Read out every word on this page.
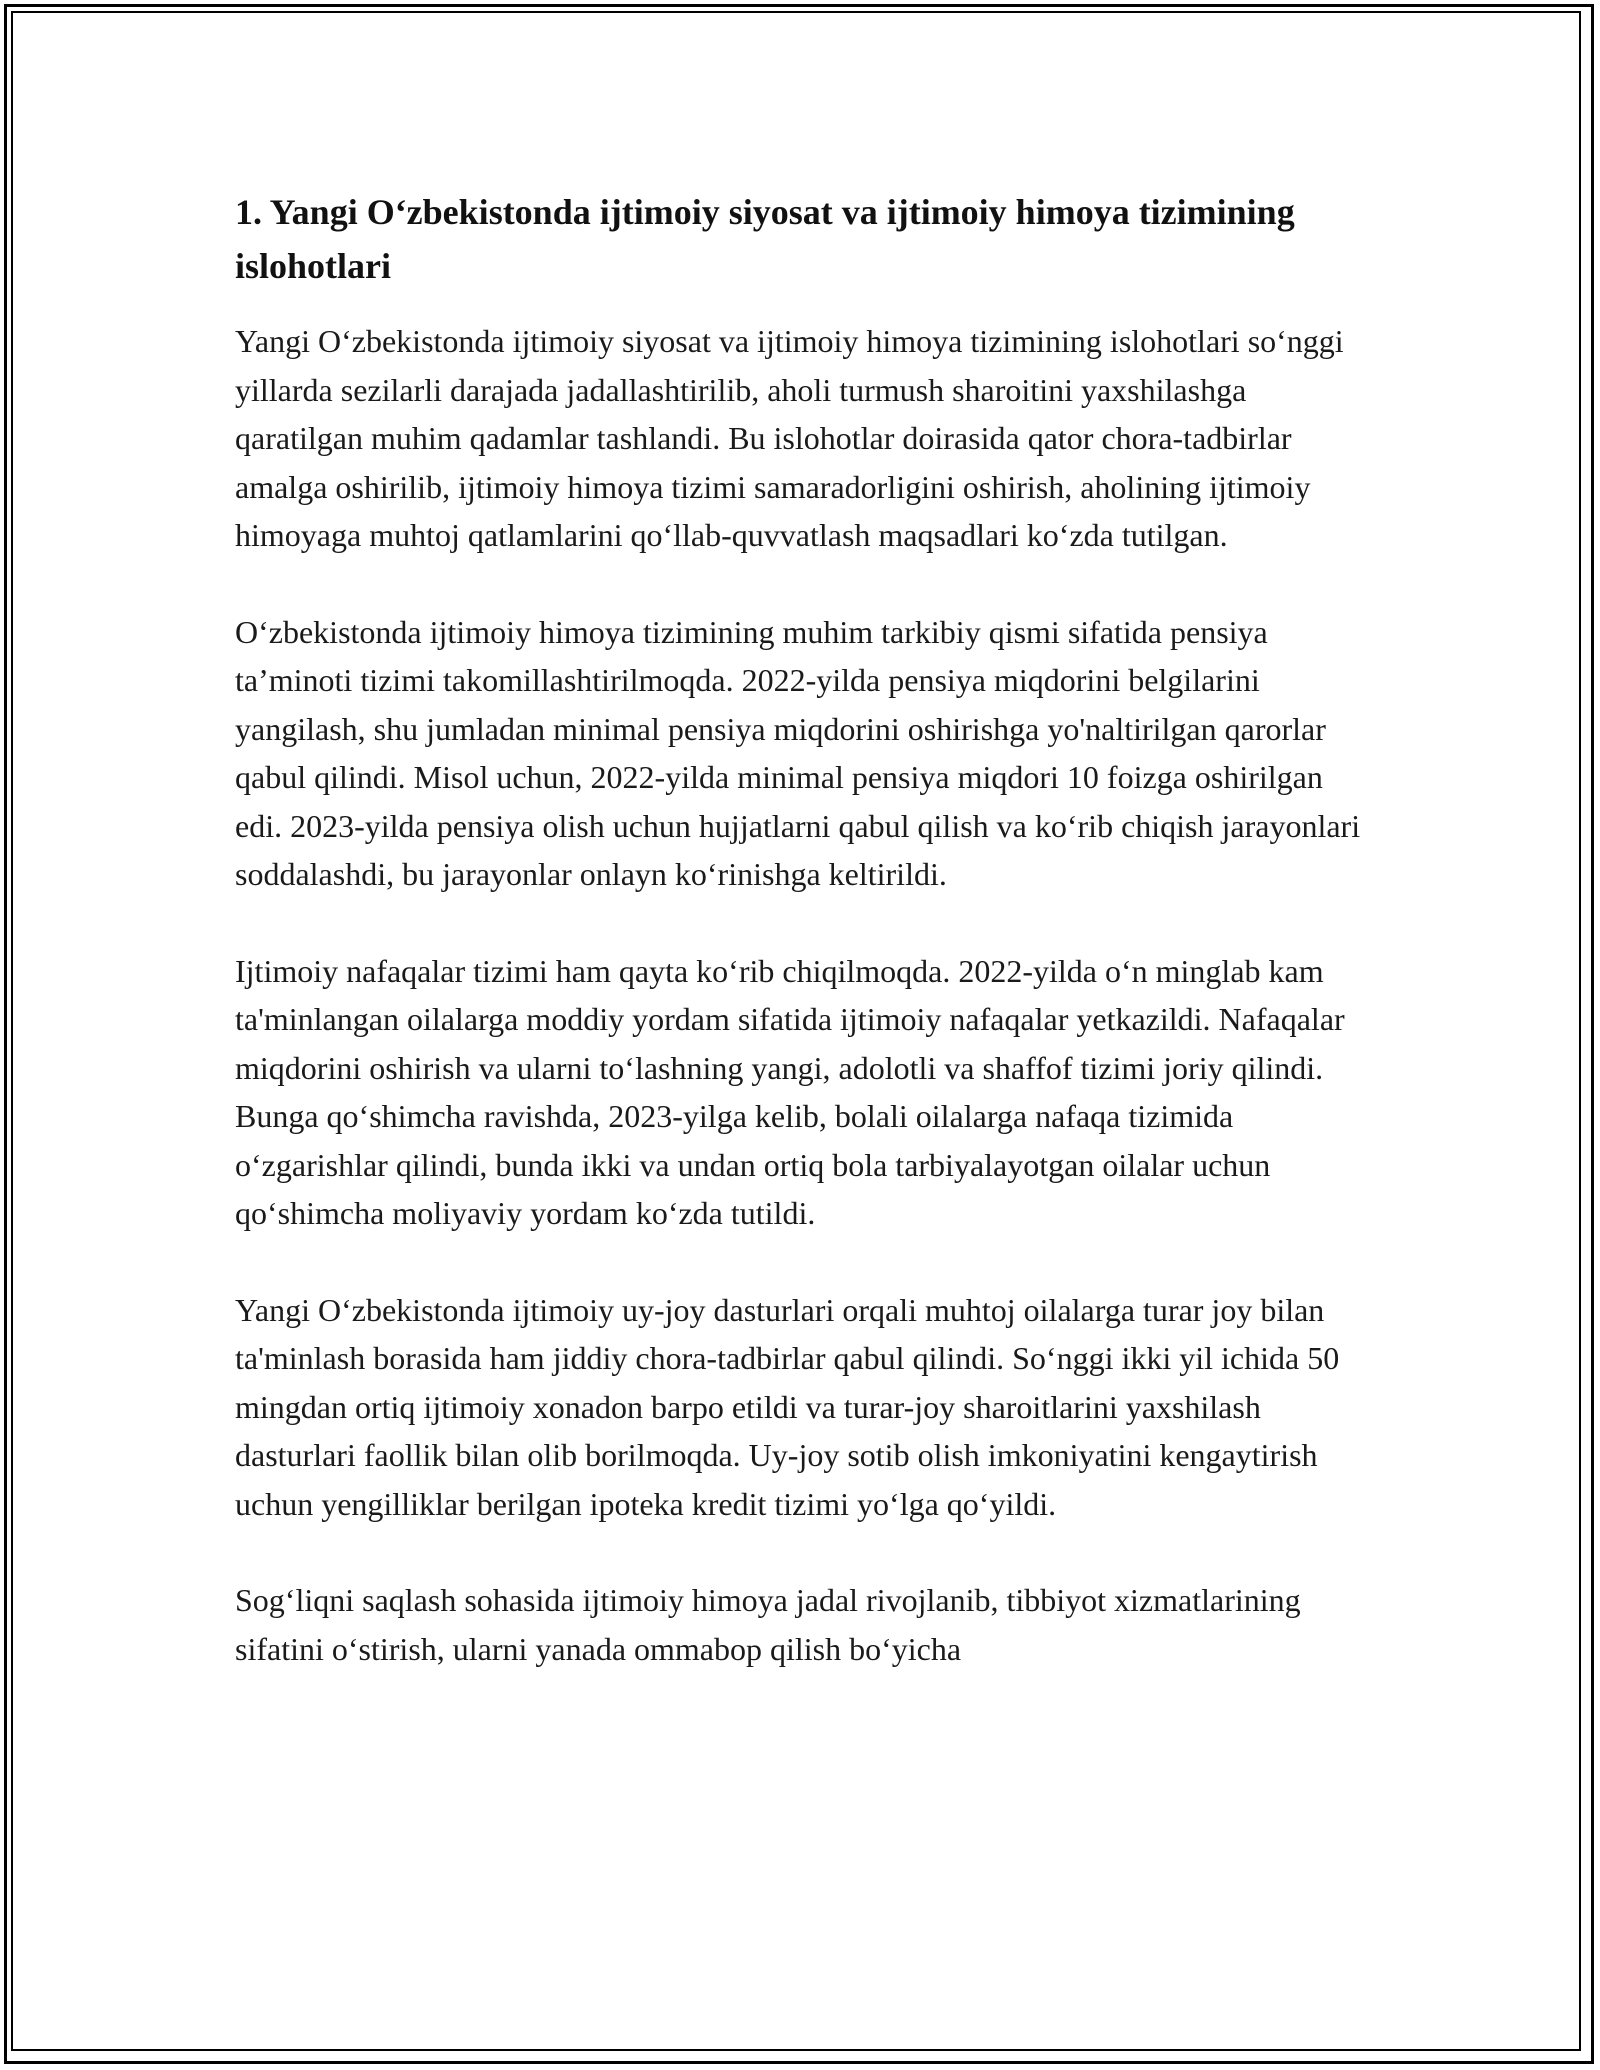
1. Yangi O‘zbekistonda ijtimoiy siyosat va ijtimoiy himoya tizimining islohotlari

Yangi O‘zbekistonda ijtimoiy siyosat va ijtimoiy himoya tizimining islohotlari so‘nggi yillarda sezilarli darajada jadallashtirilib, aholi turmush sharoitini yaxshilashga qaratilgan muhim qadamlar tashlandi. Bu islohotlar doirasida qator chora-tadbirlar amalga oshirilib, ijtimoiy himoya tizimi samaradorligini oshirish, aholining ijtimoiy himoyaga muhtoj qatlamlarini qo‘llab-quvvatlash maqsadlari ko‘zda tutilgan.

O‘zbekistonda ijtimoiy himoya tizimining muhim tarkibiy qismi sifatida pensiya ta’minoti tizimi takomillashtirilmoqda. 2022-yilda pensiya miqdorini belgilarini yangilash, shu jumladan minimal pensiya miqdorini oshirishga yo'naltirilgan qarorlar qabul qilindi. Misol uchun, 2022-yilda minimal pensiya miqdori 10 foizga oshirilgan edi. 2023-yilda pensiya olish uchun hujjatlarni qabul qilish va ko‘rib chiqish jarayonlari soddalashdi, bu jarayonlar onlayn ko‘rinishga keltirildi.

Ijtimoiy nafaqalar tizimi ham qayta ko‘rib chiqilmoqda. 2022-yilda o‘n minglab kam ta'minlangan oilalarga moddiy yordam sifatida ijtimoiy nafaqalar yetkazildi. Nafaqalar miqdorini oshirish va ularni to‘lashning yangi, adolotli va shaffof tizimi joriy qilindi. Bunga qo‘shimcha ravishda, 2023-yilga kelib, bolali oilalarga nafaqa tizimida o‘zgarishlar qilindi, bunda ikki va undan ortiq bola tarbiyalayotgan oilalar uchun qo‘shimcha moliyaviy yordam ko‘zda tutildi.

Yangi O‘zbekistonda ijtimoiy uy-joy dasturlari orqali muhtoj oilalarga turar joy bilan ta'minlash borasida ham jiddiy chora-tadbirlar qabul qilindi. So‘nggi ikki yil ichida 50 mingdan ortiq ijtimoiy xonadon barpo etildi va turar-joy sharoitlarini yaxshilash dasturlari faollik bilan olib borilmoqda. Uy-joy sotib olish imkoniyatini kengaytirish uchun yengilliklar berilgan ipoteka kredit tizimi yo‘lga qo‘yildi.

Sog‘liqni saqlash sohasida ijtimoiy himoya jadal rivojlanib, tibbiyot xizmatlarining sifatini o‘stirish, ularni yanada ommabop qilish bo‘yicha
